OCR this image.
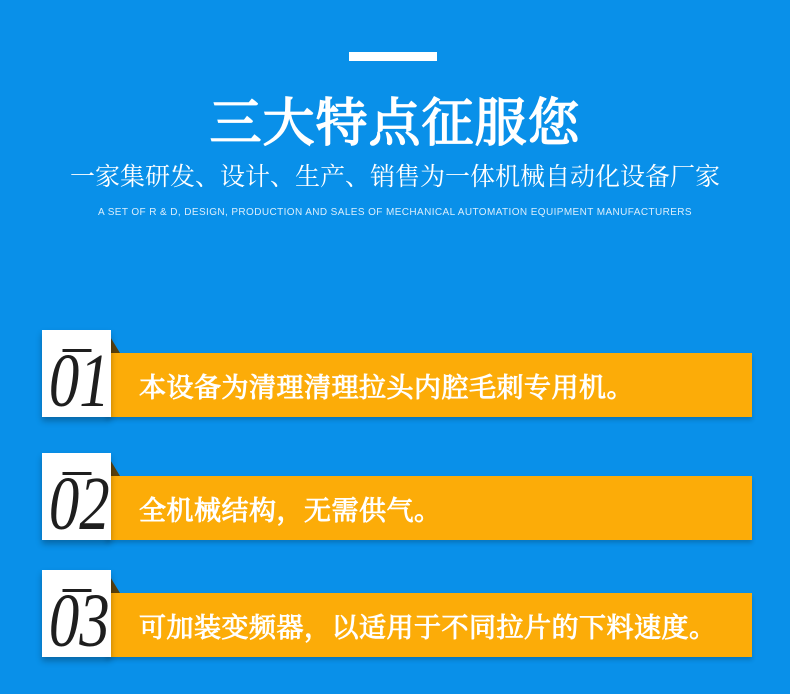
三大特点征服您
一家集研发、设计、生产、销售为一体机械自动化设备厂家
A SET OF R & D, DESIGN, PRODUCTION AND SALES OF MECHANICAL AUTOMATION EQUIPMENT MANUFACTURERS
本设备为清理清理拉头内腔毛刺专用机。
01
全机械结构，无需供气。
02
可加装变频器，以适用于不同拉片的下料速度。
03
